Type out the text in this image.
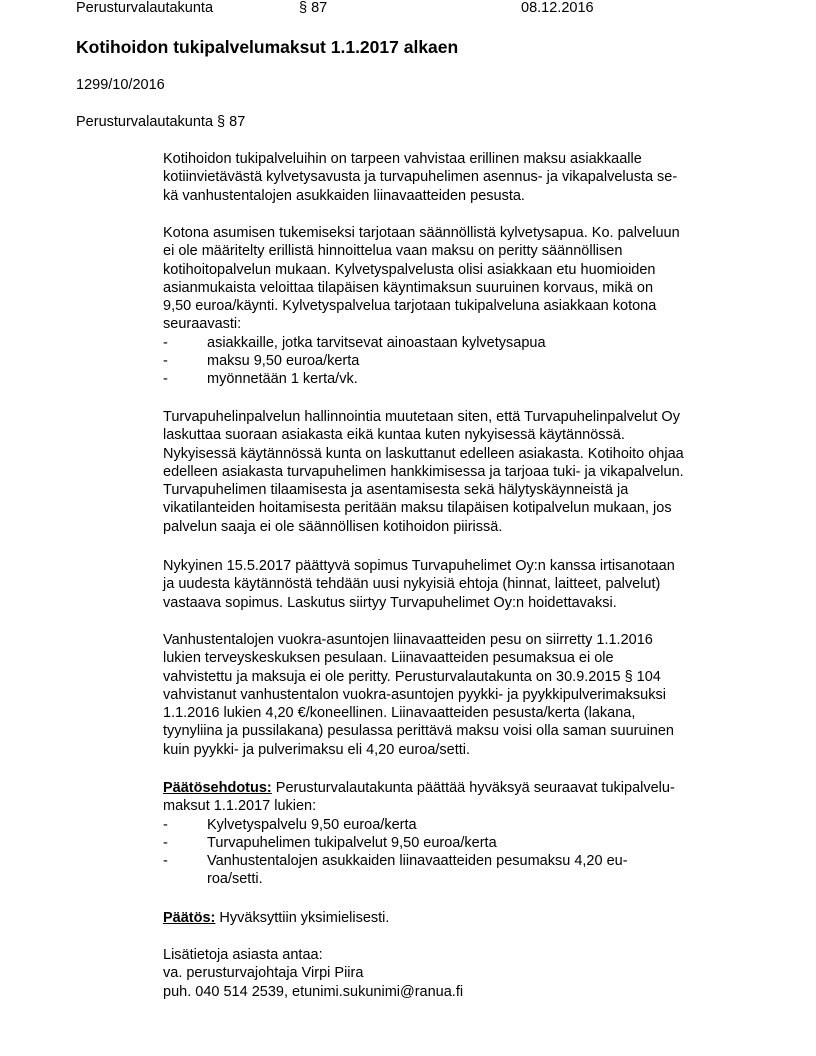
Perusturvalautakunta	§ 87	08.12.2016
Kotihoidon tukipalvelumaksut 1.1.2017 alkaen
1299/10/2016
Perusturvalautakunta § 87
Kotihoidon tukipalveluihin on tarpeen vahvistaa erillinen maksu asiakkaalle
kotiinvietävästä kylvetysavusta ja turvapuhelimen asennus- ja vikapalvelusta se-
kä vanhustentalojen asukkaiden liinavaatteiden pesusta.
Kotona asumisen tukemiseksi tarjotaan säännöllistä kylvetysapua. Ko. palveluun
ei ole määritelty erillistä hinnoittelua vaan maksu on peritty säännöllisen
kotihoitopalvelun mukaan. Kylvetyspalvelusta olisi asiakkaan etu huomioiden
asianmukaista veloittaa tilapäisen käyntimaksun suuruinen korvaus, mikä on
9,50 euroa/käynti. Kylvetyspalvelua tarjotaan tukipalveluna asiakkaan kotona
seuraavasti:
-	asiakkaille, jotka tarvitsevat ainoastaan kylvetysapua
-	maksu 9,50 euroa/kerta
-	myönnetään 1 kerta/vk.
Turvapuhelinpalvelun hallinnointia muutetaan siten, että Turvapuhelinpalvelut Oy
laskuttaa suoraan asiakasta eikä kuntaa kuten nykyisessä käytännössä.
Nykyisessä käytännössä kunta on laskuttanut edelleen asiakasta. Kotihoito ohjaa
edelleen asiakasta turvapuhelimen hankkimisessa ja tarjoaa tuki- ja vikapalvelun.
Turvapuhelimen tilaamisesta ja asentamisesta sekä hälytyskäynneistä ja
vikatilanteiden hoitamisesta peritään maksu tilapäisen kotipalvelun mukaan, jos
palvelun saaja ei ole säännöllisen kotihoidon piirissä.
Nykyinen 15.5.2017 päättyvä sopimus Turvapuhelimet Oy:n kanssa irtisanotaan
ja uudesta käytännöstä tehdään uusi nykyisiä ehtoja (hinnat, laitteet, palvelut)
vastaava sopimus. Laskutus siirtyy Turvapuhelimet Oy:n hoidettavaksi.
Vanhustentalojen vuokra-asuntojen liinavaatteiden pesu on siirretty 1.1.2016
lukien terveyskeskuksen pesulaan. Liinavaatteiden pesumaksua ei ole
vahvistettu ja maksuja ei ole peritty. Perusturvalautakunta on 30.9.2015 § 104
vahvistanut vanhustentalon vuokra-asuntojen pyykki- ja pyykkipulverimaksuksi
1.1.2016 lukien 4,20 €/koneellinen. Liinavaatteiden pesusta/kerta (lakana,
tyynyliina ja pussilakana) pesulassa perittävä maksu voisi olla saman suuruinen
kuin pyykki- ja pulverimaksu eli 4,20 euroa/setti.
Päätösehdotus: Perusturvalautakunta päättää hyväksyä seuraavat tukipalvelu-
maksut 1.1.2017 lukien:
-	Kylvetyspalvelu 9,50 euroa/kerta
-	Turvapuhelimen tukipalvelut 9,50 euroa/kerta
-	Vanhustentalojen asukkaiden liinavaatteiden pesumaksu 4,20 eu-
roa/setti.
Päätös: Hyväksyttiin yksimielisesti.
Lisätietoja asiasta antaa:
va. perusturvajohtaja Virpi Piira
puh. 040 514 2539, etunimi.sukunimi@ranua.fi
